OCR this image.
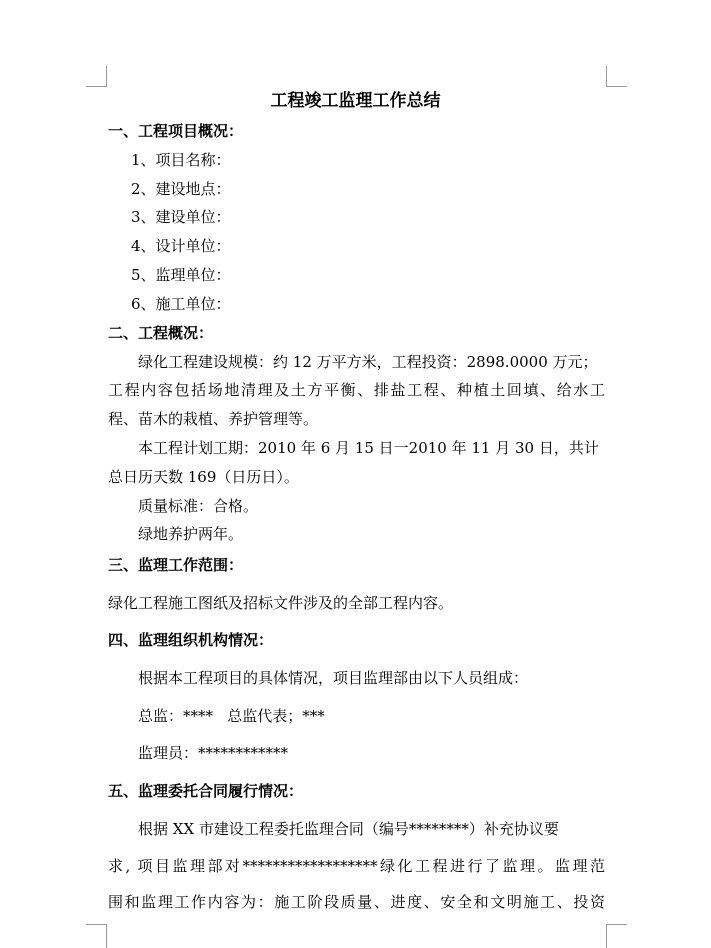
工程竣工监理工作总结
一、工程项目概况：
1、项目名称：
2、建设地点：
3、建设单位：
4、设计单位：
5、监理单位：
6、施工单位：
二、工程概况：
绿化工程建设规模：约 12 万平方米，工程投资：2898.0000 万元；
工程内容包括场地清理及土方平衡、排盐工程、种植土回填、给水工
程、苗木的栽植、养护管理等。
本工程计划工期：2010 年 6 月 15 日一2010 年 11 月 30 日，共计
总日历天数 169（日历日）。
质量标准：合格。
绿地养护两年。
三、监理工作范围：
绿化工程施工图纸及招标文件涉及的全部工程内容。
四、监理组织机构情况：
根据本工程项目的具体情况，项目监理部由以下人员组成：
总监：****   总监代表；***
监理员：************
五、监理委托合同履行情况：
根据 XX 市建设工程委托监理合同（编号********）补充协议要
求, 项目监理部对******************绿化工程进行了监理。监理范
围和监理工作内容为：施工阶段质量、进度、安全和文明施工、投资
